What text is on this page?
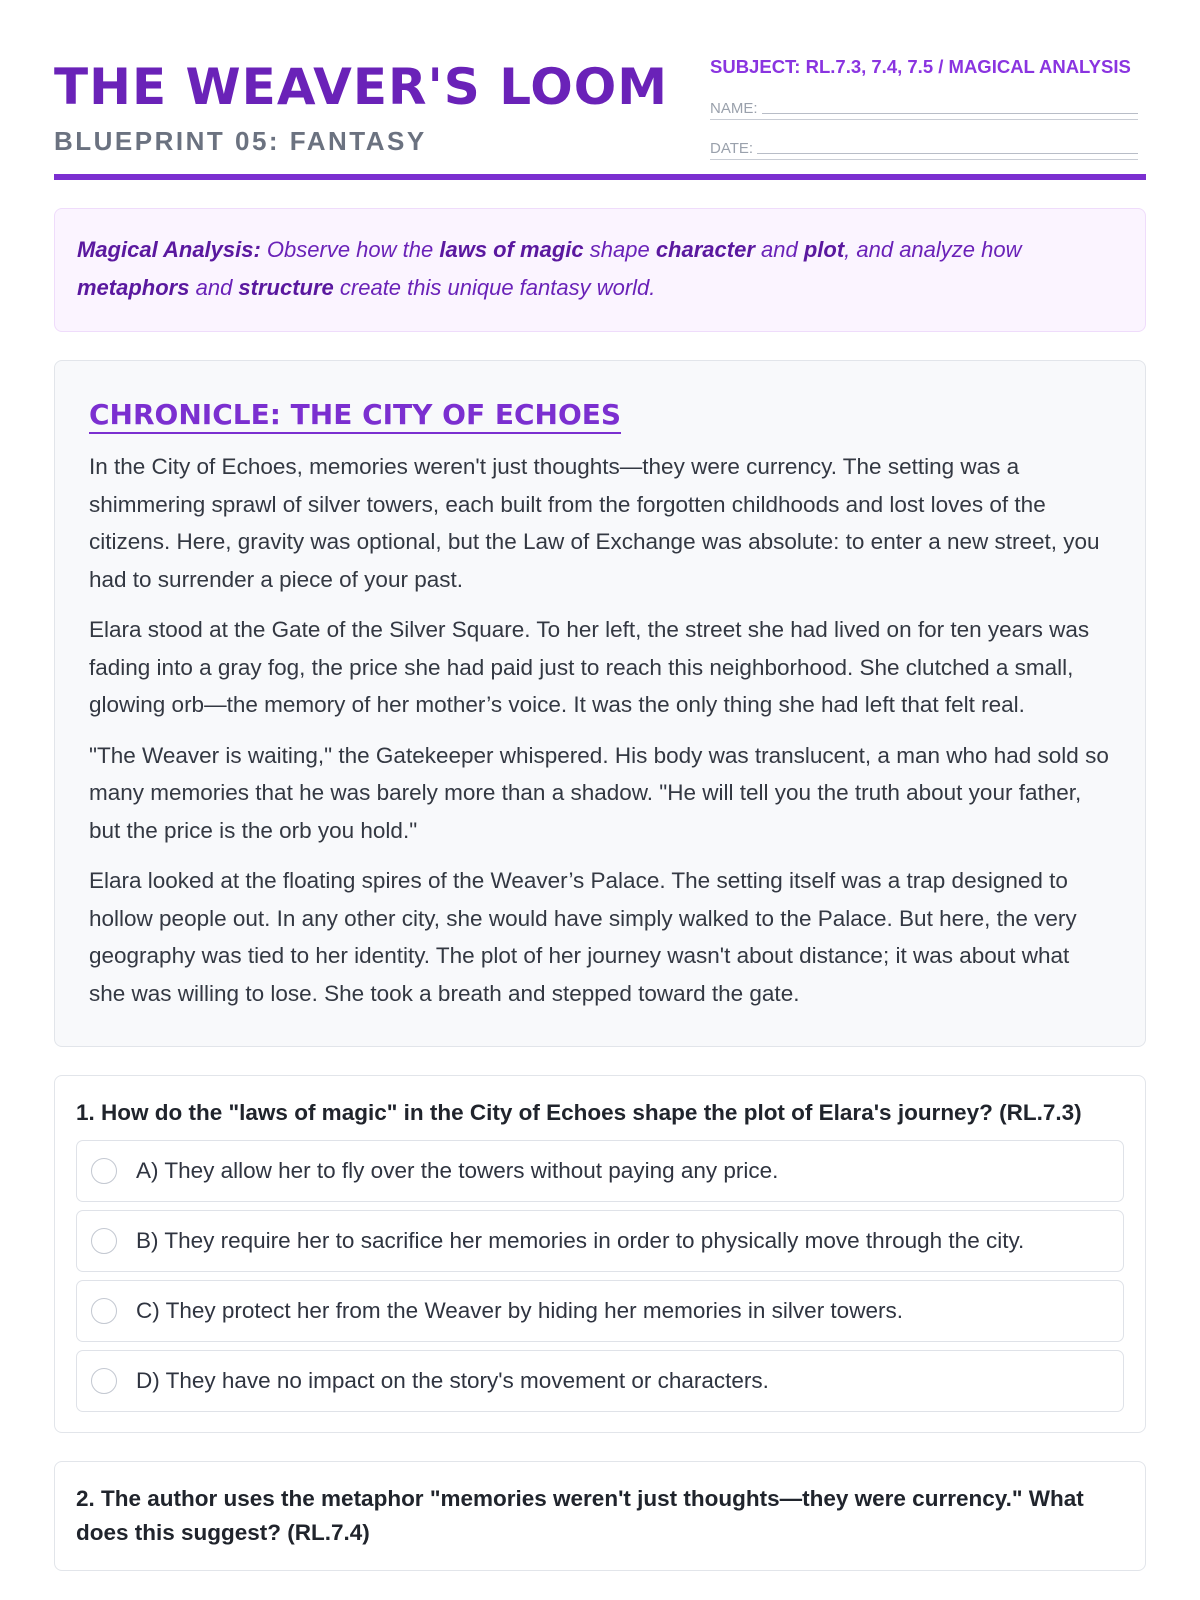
THE WEAVER'S LOOM
BLUEPRINT 05: FANTASY
SUBJECT: RL.7.3, 7.4, 7.5 / MAGICAL ANALYSIS
NAME:
DATE:
Magical Analysis: Observe how the laws of magic shape character and plot, and analyze how metaphors and structure create this unique fantasy world.
CHRONICLE: THE CITY OF ECHOES

In the City of Echoes, memories weren't just thoughts—they were currency. The setting was a shimmering sprawl of silver towers, each built from the forgotten childhoods and lost loves of the citizens. Here, gravity was optional, but the Law of Exchange was absolute: to enter a new street, you had to surrender a piece of your past.

Elara stood at the Gate of the Silver Square. To her left, the street she had lived on for ten years was fading into a gray fog, the price she had paid just to reach this neighborhood. She clutched a small, glowing orb—the memory of her mother’s voice. It was the only thing she had left that felt real.

"The Weaver is waiting," the Gatekeeper whispered. His body was translucent, a man who had sold so many memories that he was barely more than a shadow. "He will tell you the truth about your father, but the price is the orb you hold."

Elara looked at the floating spires of the Weaver’s Palace. The setting itself was a trap designed to hollow people out. In any other city, she would have simply walked to the Palace. But here, the very geography was tied to her identity. The plot of her journey wasn't about distance; it was about what she was willing to lose. She took a breath and stepped toward the gate.

1. How do the "laws of magic" in the City of Echoes shape the plot of Elara's journey? (RL.7.3)
A) They allow her to fly over the towers without paying any price.
B) They require her to sacrifice her memories in order to physically move through the city.
C) They protect her from the Weaver by hiding her memories in silver towers.
D) They have no impact on the story's movement or characters.
2. The author uses the metaphor "memories weren't just thoughts—they were currency." What does this suggest? (RL.7.4)
